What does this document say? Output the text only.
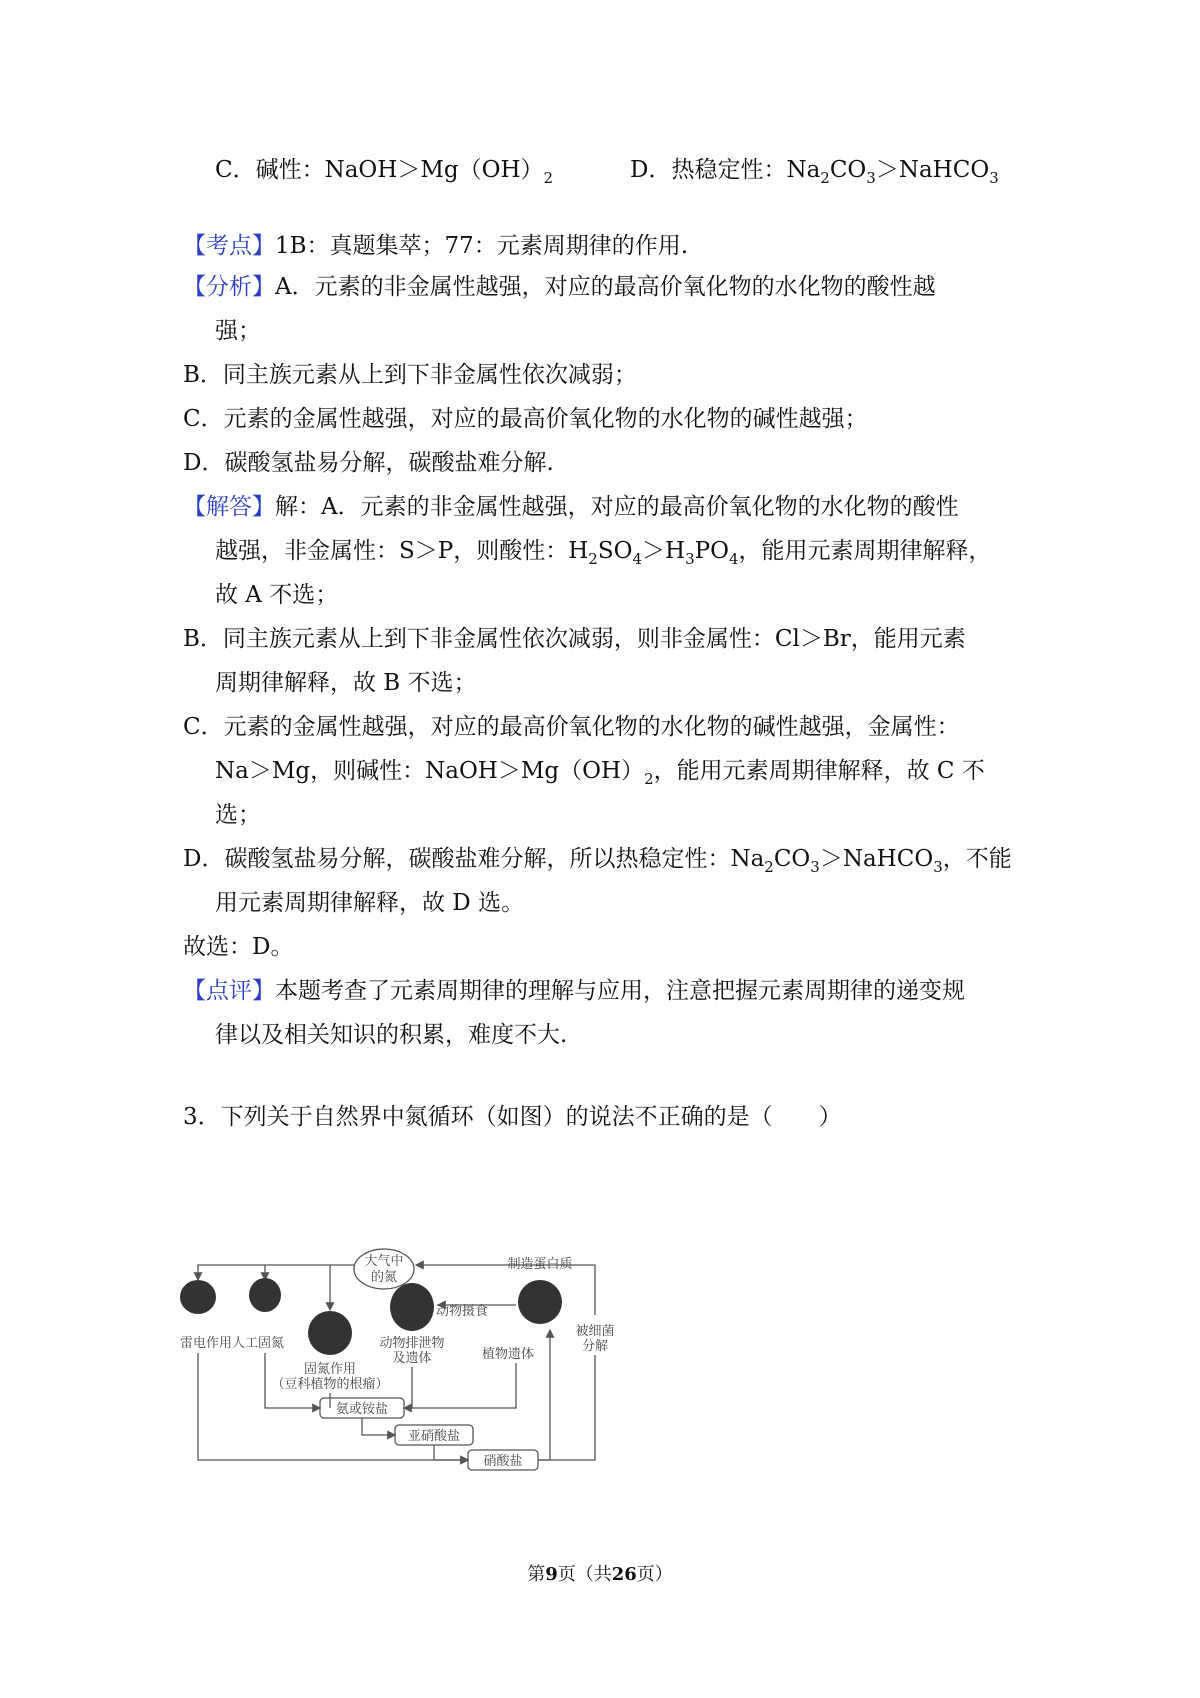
C．碱性：$NaOH>Mg(OH)_2$	D．热稳定性：$Na_2CO_3>NaHCO_3$
【考点】1B：真题集萃；77：元素周期律的作用.
【分析】A．元素的非金属性越强，对应的最高价氧化物的水化物的酸性越
强；
B．同主族元素从上到下非金属性依次减弱；
C．元素的金属性越强，对应的最高价氧化物的水化物的碱性越强；
D．碳酸氢盐易分解，碳酸盐难分解.
【解答】解：A．元素的非金属性越强，对应的最高价氧化物的水化物的酸性
越强，非金属性：S＞P，则酸性：$H_2SO_4>H_3PO_4$，能用元素周期律解释，
故 A 不选；
B．同主族元素从上到下非金属性依次减弱，则非金属性：Cl＞Br，能用元素
周期律解释，故 B 不选；
C．元素的金属性越强，对应的最高价氧化物的水化物的碱性越强，金属性：
Na＞Mg，则碱性：$NaOH>Mg(OH)_2$，能用元素周期律解释，故 C 不
选；
D．碳酸氢盐易分解，碳酸盐难分解，所以热稳定性：$Na_2CO_3>NaHCO_3$，不能
用元素周期律解释，故 D 选。
故选：D。
【点评】本题考查了元素周期律的理解与应用，注意把握元素周期律的递变规
律以及相关知识的积累，难度不大.
3．下列关于自然界中氮循环（如图）的说法不正确的是（　　）
大气中
的氮
雷电作用 人工固氮
固氮作用
（豆科植物的根瘤）
动物排泄物
及遗体
动物摄食
制造蛋白质
植物遗体
被细菌
分解
氨或铵盐
亚硝酸盐
硝酸盐
第9页（共26页）
